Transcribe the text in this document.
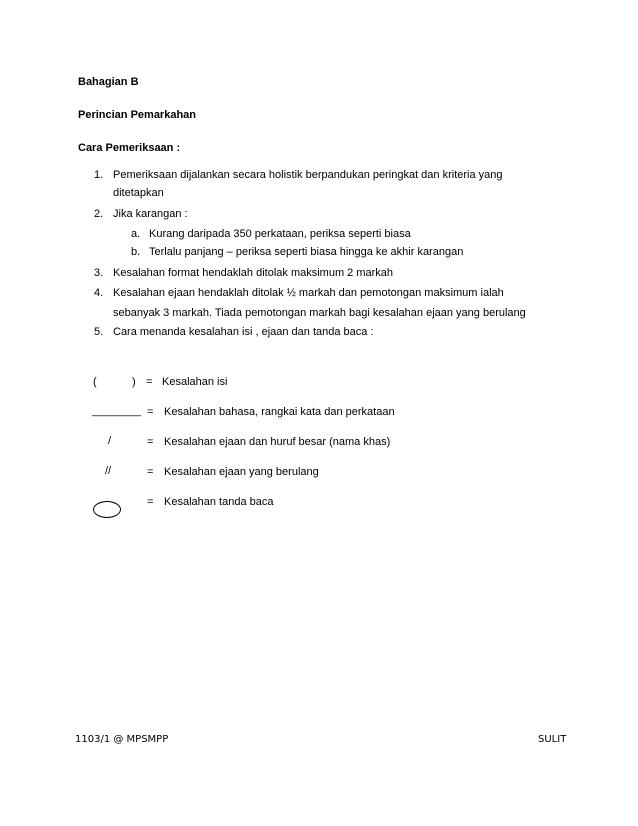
Bahagian B
Perincian Pemarkahan
Cara Pemeriksaan :
1. Pemeriksaan dijalankan secara holistik berpandukan peringkat dan kriteria yang
ditetapkan
2. Jika karangan :
a. Kurang daripada 350 perkataan, periksa seperti biasa
b. Terlalu panjang – periksa seperti biasa hingga ke akhir karangan
3. Kesalahan format hendaklah ditolak maksimum 2 markah
4. Kesalahan ejaan hendaklah ditolak ½ markah dan pemotongan maksimum ialah
sebanyak 3 markah. Tiada pemotongan markah bagi kesalahan ejaan yang berulang
5. Cara menanda kesalahan isi , ejaan dan tanda baca :
(	) = Kesalahan isi
________ = Kesalahan bahasa, rangkai kata dan perkataan
/	= Kesalahan ejaan dan huruf besar (nama khas)
//	= Kesalahan ejaan yang berulang
= Kesalahan tanda baca
1103/1 @ MPSMPP	SULIT
